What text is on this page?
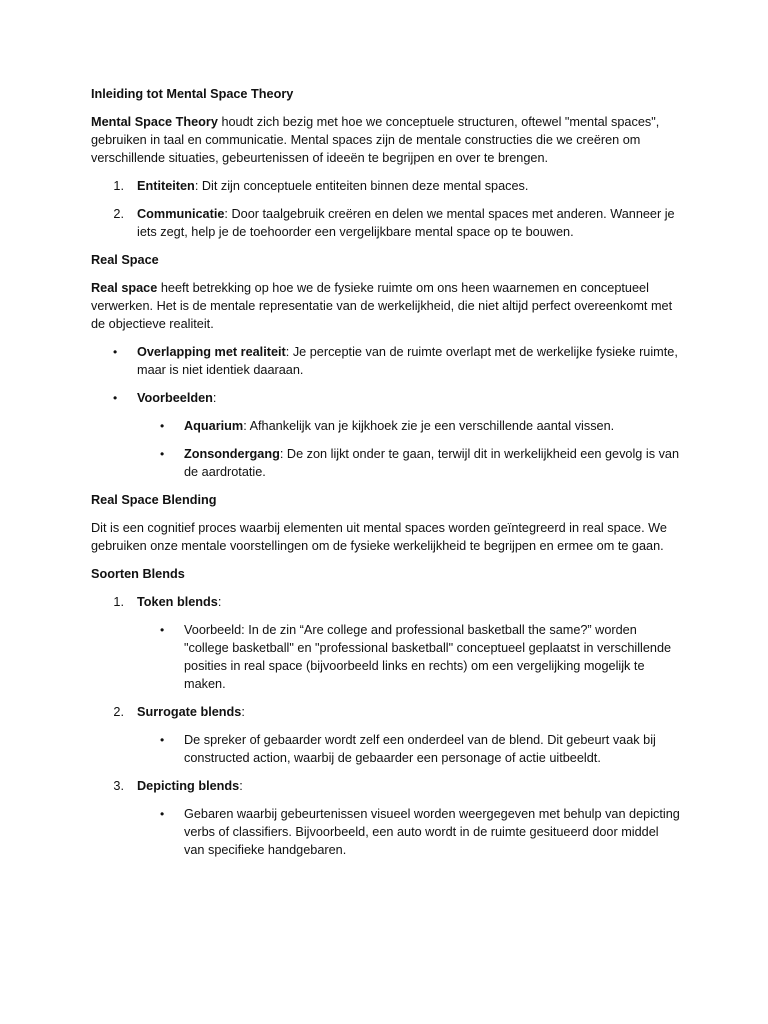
Inleiding tot Mental Space Theory

Mental Space Theory houdt zich bezig met hoe we conceptuele structuren, oftewel "mental spaces", gebruiken in taal en communicatie. Mental spaces zijn de mentale constructies die we creëren om verschillende situaties, gebeurtenissen of ideeën te begrijpen en over te brengen.

1. Entiteiten: Dit zijn conceptuele entiteiten binnen deze mental spaces.
2. Communicatie: Door taalgebruik creëren en delen we mental spaces met anderen. Wanneer je iets zegt, help je de toehoorder een vergelijkbare mental space op te bouwen.

Real Space

Real space heeft betrekking op hoe we de fysieke ruimte om ons heen waarnemen en conceptueel verwerken. Het is de mentale representatie van de werkelijkheid, die niet altijd perfect overeenkomt met de objectieve realiteit.

•	Overlapping met realiteit: Je perceptie van de ruimte overlapt met de werkelijke fysieke ruimte, maar is niet identiek daaraan.
•	Voorbeelden:
• Aquarium: Afhankelijk van je kijkhoek zie je een verschillende aantal vissen.
• Zonsondergang: De zon lijkt onder te gaan, terwijl dit in werkelijkheid een gevolg is van de aardrotatie.

Real Space Blending

Dit is een cognitief proces waarbij elementen uit mental spaces worden geïntegreerd in real space. We gebruiken onze mentale voorstellingen om de fysieke werkelijkheid te begrijpen en ermee om te gaan.

Soorten Blends

1. Token blends:
• Voorbeeld: In de zin “Are college and professional basketball the same?” worden "college basketball" en "professional basketball" conceptueel geplaatst in verschillende posities in real space (bijvoorbeeld links en rechts) om een vergelijking mogelijk te maken.
2. Surrogate blends:
• De spreker of gebaarder wordt zelf een onderdeel van de blend. Dit gebeurt vaak bij constructed action, waarbij de gebaarder een personage of actie uitbeeldt.
3. Depicting blends:
• Gebaren waarbij gebeurtenissen visueel worden weergegeven met behulp van depicting verbs of classifiers. Bijvoorbeeld, een auto wordt in de ruimte gesitueerd door middel van specifieke handgebaren.
